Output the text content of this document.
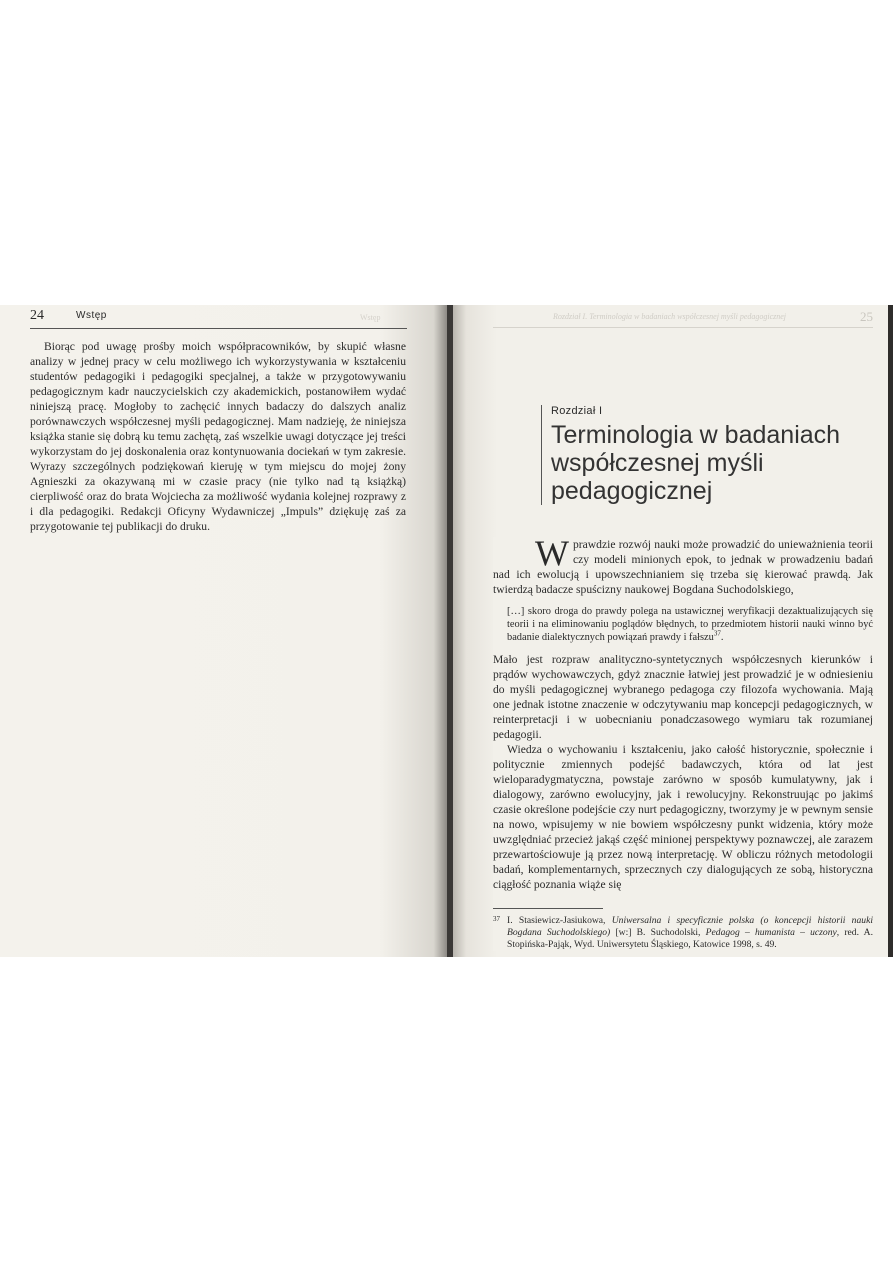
24	Wstęp	Wstęp

Biorąc pod uwagę prośby moich współpracowników, by skupić własne analizy w jednej pracy w celu możliwego ich wykorzystywania w kształceniu studentów pedagogiki i pedagogiki specjalnej, a także w przygotowywaniu pedagogicznym kadr nauczycielskich czy akademickich, postanowiłem wydać niniejszą pracę. Mogłoby to zachęcić innych badaczy do dalszych analiz porównawczych współczesnej myśli pedagogicznej. Mam nadzieję, że niniejsza książka stanie się dobrą ku temu zachętą, zaś wszelkie uwagi dotyczące jej treści wykorzystam do jej doskonalenia oraz kontynuowania dociekań w tym zakresie. Wyrazy szczególnych podziękowań kieruję w tym miejscu do mojej żony Agnieszki za okazywaną mi w czasie pracy (nie tylko nad tą książką) cierpliwość oraz do brata Wojciecha za możliwość wydania kolejnej rozprawy z i dla pedagogiki. Redakcji Oficyny Wydawniczej „Impuls” dziękuję zaś za przygotowanie tej publikacji do druku.

Rozdział I. Terminologia w badaniach współczesnej myśli pedagogicznej	25

Rozdział I

Terminologia w badaniach
współczesnej myśli pedagogicznej

Wprawdzie rozwój nauki może prowadzić do unieważnienia teorii czy modeli minionych epok, to jednak w prowadzeniu badań nad ich ewolucją i upowszechnianiem się trzeba się kierować prawdą. Jak twierdzą badacze spuścizny naukowej Bogdana Suchodolskiego,

[…] skoro droga do prawdy polega na ustawicznej weryfikacji dezaktualizujących się teorii i na eliminowaniu poglądów błędnych, to przedmiotem historii nauki winno być badanie dialektycznych powiązań prawdy i fałszu$^{37}$.

Mało jest rozpraw analityczno-syntetycznych współczesnych kierunków i prądów wychowawczych, gdyż znacznie łatwiej jest prowadzić je w odniesieniu do myśli pedagogicznej wybranego pedagoga czy filozofa wychowania. Mają one jednak istotne znaczenie w odczytywaniu map koncepcji pedagogicznych, w reinterpretacji i w uobecnianiu ponadczasowego wymiaru tak rozumianej pedagogii.

Wiedza o wychowaniu i kształceniu, jako całość historycznie, społecznie i politycznie zmiennych podejść badawczych, która od lat jest wieloparadygmatyczna, powstaje zarówno w sposób kumulatywny, jak i dialogowy, zarówno ewolucyjny, jak i rewolucyjny. Rekonstruując po jakimś czasie określone podejście czy nurt pedagogiczny, tworzymy je w pewnym sensie na nowo, wpisujemy w nie bowiem współczesny punkt widzenia, który może uwzględniać przecież jakąś część minionej perspektywy poznawczej, ale zarazem przewartościowuje ją przez nową interpretację. W obliczu różnych metodologii badań, komplementarnych, sprzecznych czy dialogujących ze sobą, historyczna ciągłość poznania wiąże się

37 I. Stasiewicz-Jasiukowa, Uniwersalna i specyficznie polska (o koncepcji historii nauki Bogdana Suchodolskiego) [w:] B. Suchodolski, Pedagog – humanista – uczony, red. A. Stopińska-Pająk, Wyd. Uniwersytetu Śląskiego, Katowice 1998, s. 49.
